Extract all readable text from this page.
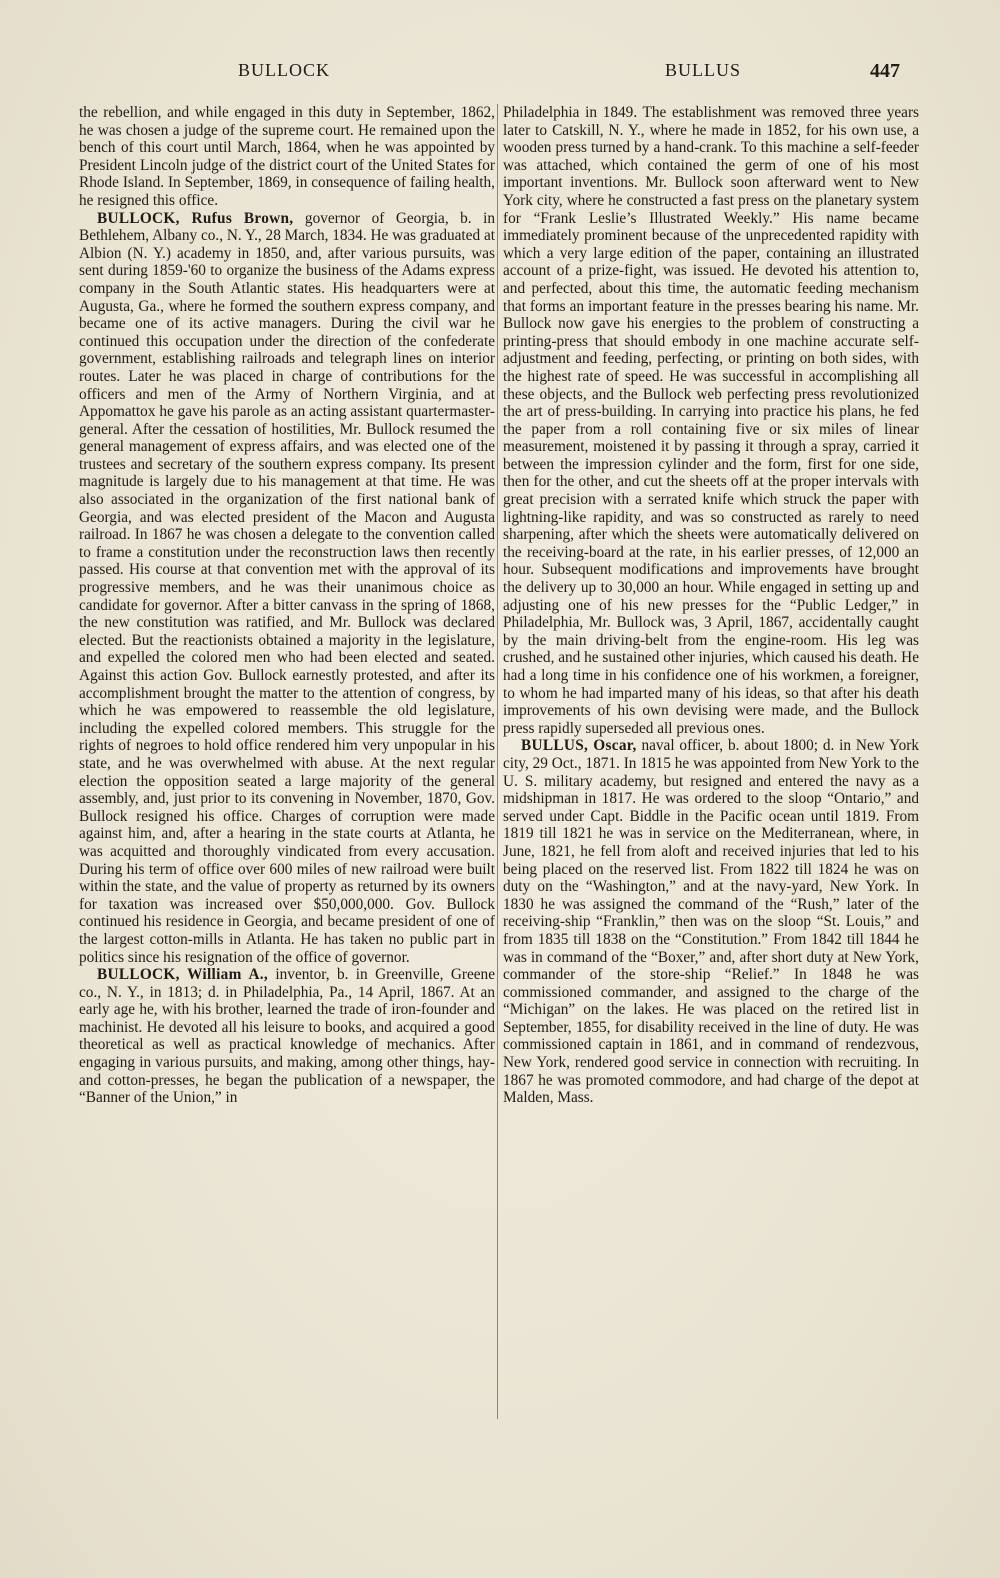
BULLOCK	BULLUS	447

the rebellion, and while engaged in this duty in September, 1862, he was chosen a judge of the supreme court. He remained upon the bench of this court until March, 1864, when he was appointed by President Lincoln judge of the district court of the United States for Rhode Island. In September, 1869, in consequence of failing health, he resigned this office.

BULLOCK, Rufus Brown, governor of Georgia, b. in Bethlehem, Albany co., N. Y., 28 March, 1834. He was graduated at Albion (N. Y.) academy in 1850, and, after various pursuits, was sent during 1859-'60 to organize the business of the Adams express company in the South Atlantic states. His headquarters were at Augusta, Ga., where he formed the southern express company, and became one of its active managers. During the civil war he continued this occupation under the direction of the confederate government, establishing railroads and telegraph lines on interior routes. Later he was placed in charge of contributions for the officers and men of the Army of Northern Virginia, and at Appomattox he gave his parole as an acting assistant quartermaster-general. After the cessation of hostilities, Mr. Bullock resumed the general management of express affairs, and was elected one of the trustees and secretary of the southern express company. Its present magnitude is largely due to his management at that time. He was also associated in the organization of the first national bank of Georgia, and was elected president of the Macon and Augusta railroad. In 1867 he was chosen a delegate to the convention called to frame a constitution under the reconstruction laws then recently passed. His course at that convention met with the approval of its progressive members, and he was their unanimous choice as candidate for governor. After a bitter canvass in the spring of 1868, the new constitution was ratified, and Mr. Bullock was declared elected. But the reactionists obtained a majority in the legislature, and expelled the colored men who had been elected and seated. Against this action Gov. Bullock earnestly protested, and after its accomplishment brought the matter to the attention of congress, by which he was empowered to reassemble the old legislature, including the expelled colored members. This struggle for the rights of negroes to hold office rendered him very unpopular in his state, and he was overwhelmed with abuse. At the next regular election the opposition seated a large majority of the general assembly, and, just prior to its convening in November, 1870, Gov. Bullock resigned his office. Charges of corruption were made against him, and, after a hearing in the state courts at Atlanta, he was acquitted and thoroughly vindicated from every accusation. During his term of office over 600 miles of new railroad were built within the state, and the value of property as returned by its owners for taxation was increased over $50,000,000. Gov. Bullock continued his residence in Georgia, and became president of one of the largest cotton-mills in Atlanta. He has taken no public part in politics since his resignation of the office of governor.

BULLOCK, William A., inventor, b. in Greenville, Greene co., N. Y., in 1813; d. in Philadelphia, Pa., 14 April, 1867. At an early age he, with his brother, learned the trade of iron-founder and machinist. He devoted all his leisure to books, and acquired a good theoretical as well as practical knowledge of mechanics. After engaging in various pursuits, and making, among other things, hay- and cotton-presses, he began the publication of a newspaper, the “Banner of the Union,” in

Philadelphia in 1849. The establishment was removed three years later to Catskill, N. Y., where he made in 1852, for his own use, a wooden press turned by a hand-crank. To this machine a self-feeder was attached, which contained the germ of one of his most important inventions. Mr. Bullock soon afterward went to New York city, where he constructed a fast press on the planetary system for “Frank Leslie’s Illustrated Weekly.” His name became immediately prominent because of the unprecedented rapidity with which a very large edition of the paper, containing an illustrated account of a prize-fight, was issued. He devoted his attention to, and perfected, about this time, the automatic feeding mechanism that forms an important feature in the presses bearing his name. Mr. Bullock now gave his energies to the problem of constructing a printing-press that should embody in one machine accurate self-adjustment and feeding, perfecting, or printing on both sides, with the highest rate of speed. He was successful in accomplishing all these objects, and the Bullock web perfecting press revolutionized the art of press-building. In carrying into practice his plans, he fed the paper from a roll containing five or six miles of linear measurement, moistened it by passing it through a spray, carried it between the impression cylinder and the form, first for one side, then for the other, and cut the sheets off at the proper intervals with great precision with a serrated knife which struck the paper with lightning-like rapidity, and was so constructed as rarely to need sharpening, after which the sheets were automatically delivered on the receiving-board at the rate, in his earlier presses, of 12,000 an hour. Subsequent modifications and improvements have brought the delivery up to 30,000 an hour. While engaged in setting up and adjusting one of his new presses for the “Public Ledger,” in Philadelphia, Mr. Bullock was, 3 April, 1867, accidentally caught by the main driving-belt from the engine-room. His leg was crushed, and he sustained other injuries, which caused his death. He had a long time in his confidence one of his workmen, a foreigner, to whom he had imparted many of his ideas, so that after his death improvements of his own devising were made, and the Bullock press rapidly superseded all previous ones.

BULLUS, Oscar, naval officer, b. about 1800; d. in New York city, 29 Oct., 1871. In 1815 he was appointed from New York to the U. S. military academy, but resigned and entered the navy as a midshipman in 1817. He was ordered to the sloop “Ontario,” and served under Capt. Biddle in the Pacific ocean until 1819. From 1819 till 1821 he was in service on the Mediterranean, where, in June, 1821, he fell from aloft and received injuries that led to his being placed on the reserved list. From 1822 till 1824 he was on duty on the “Washington,” and at the navy-yard, New York. In 1830 he was assigned the command of the “Rush,” later of the receiving-ship “Franklin,” then was on the sloop “St. Louis,” and from 1835 till 1838 on the “Constitution.” From 1842 till 1844 he was in command of the “Boxer,” and, after short duty at New York, commander of the store-ship “Relief.” In 1848 he was commissioned commander, and assigned to the charge of the “Michigan” on the lakes. He was placed on the retired list in September, 1855, for disability received in the line of duty. He was commissioned captain in 1861, and in command of rendezvous, New York, rendered good service in connection with recruiting. In 1867 he was promoted commodore, and had charge of the depot at Malden, Mass.
